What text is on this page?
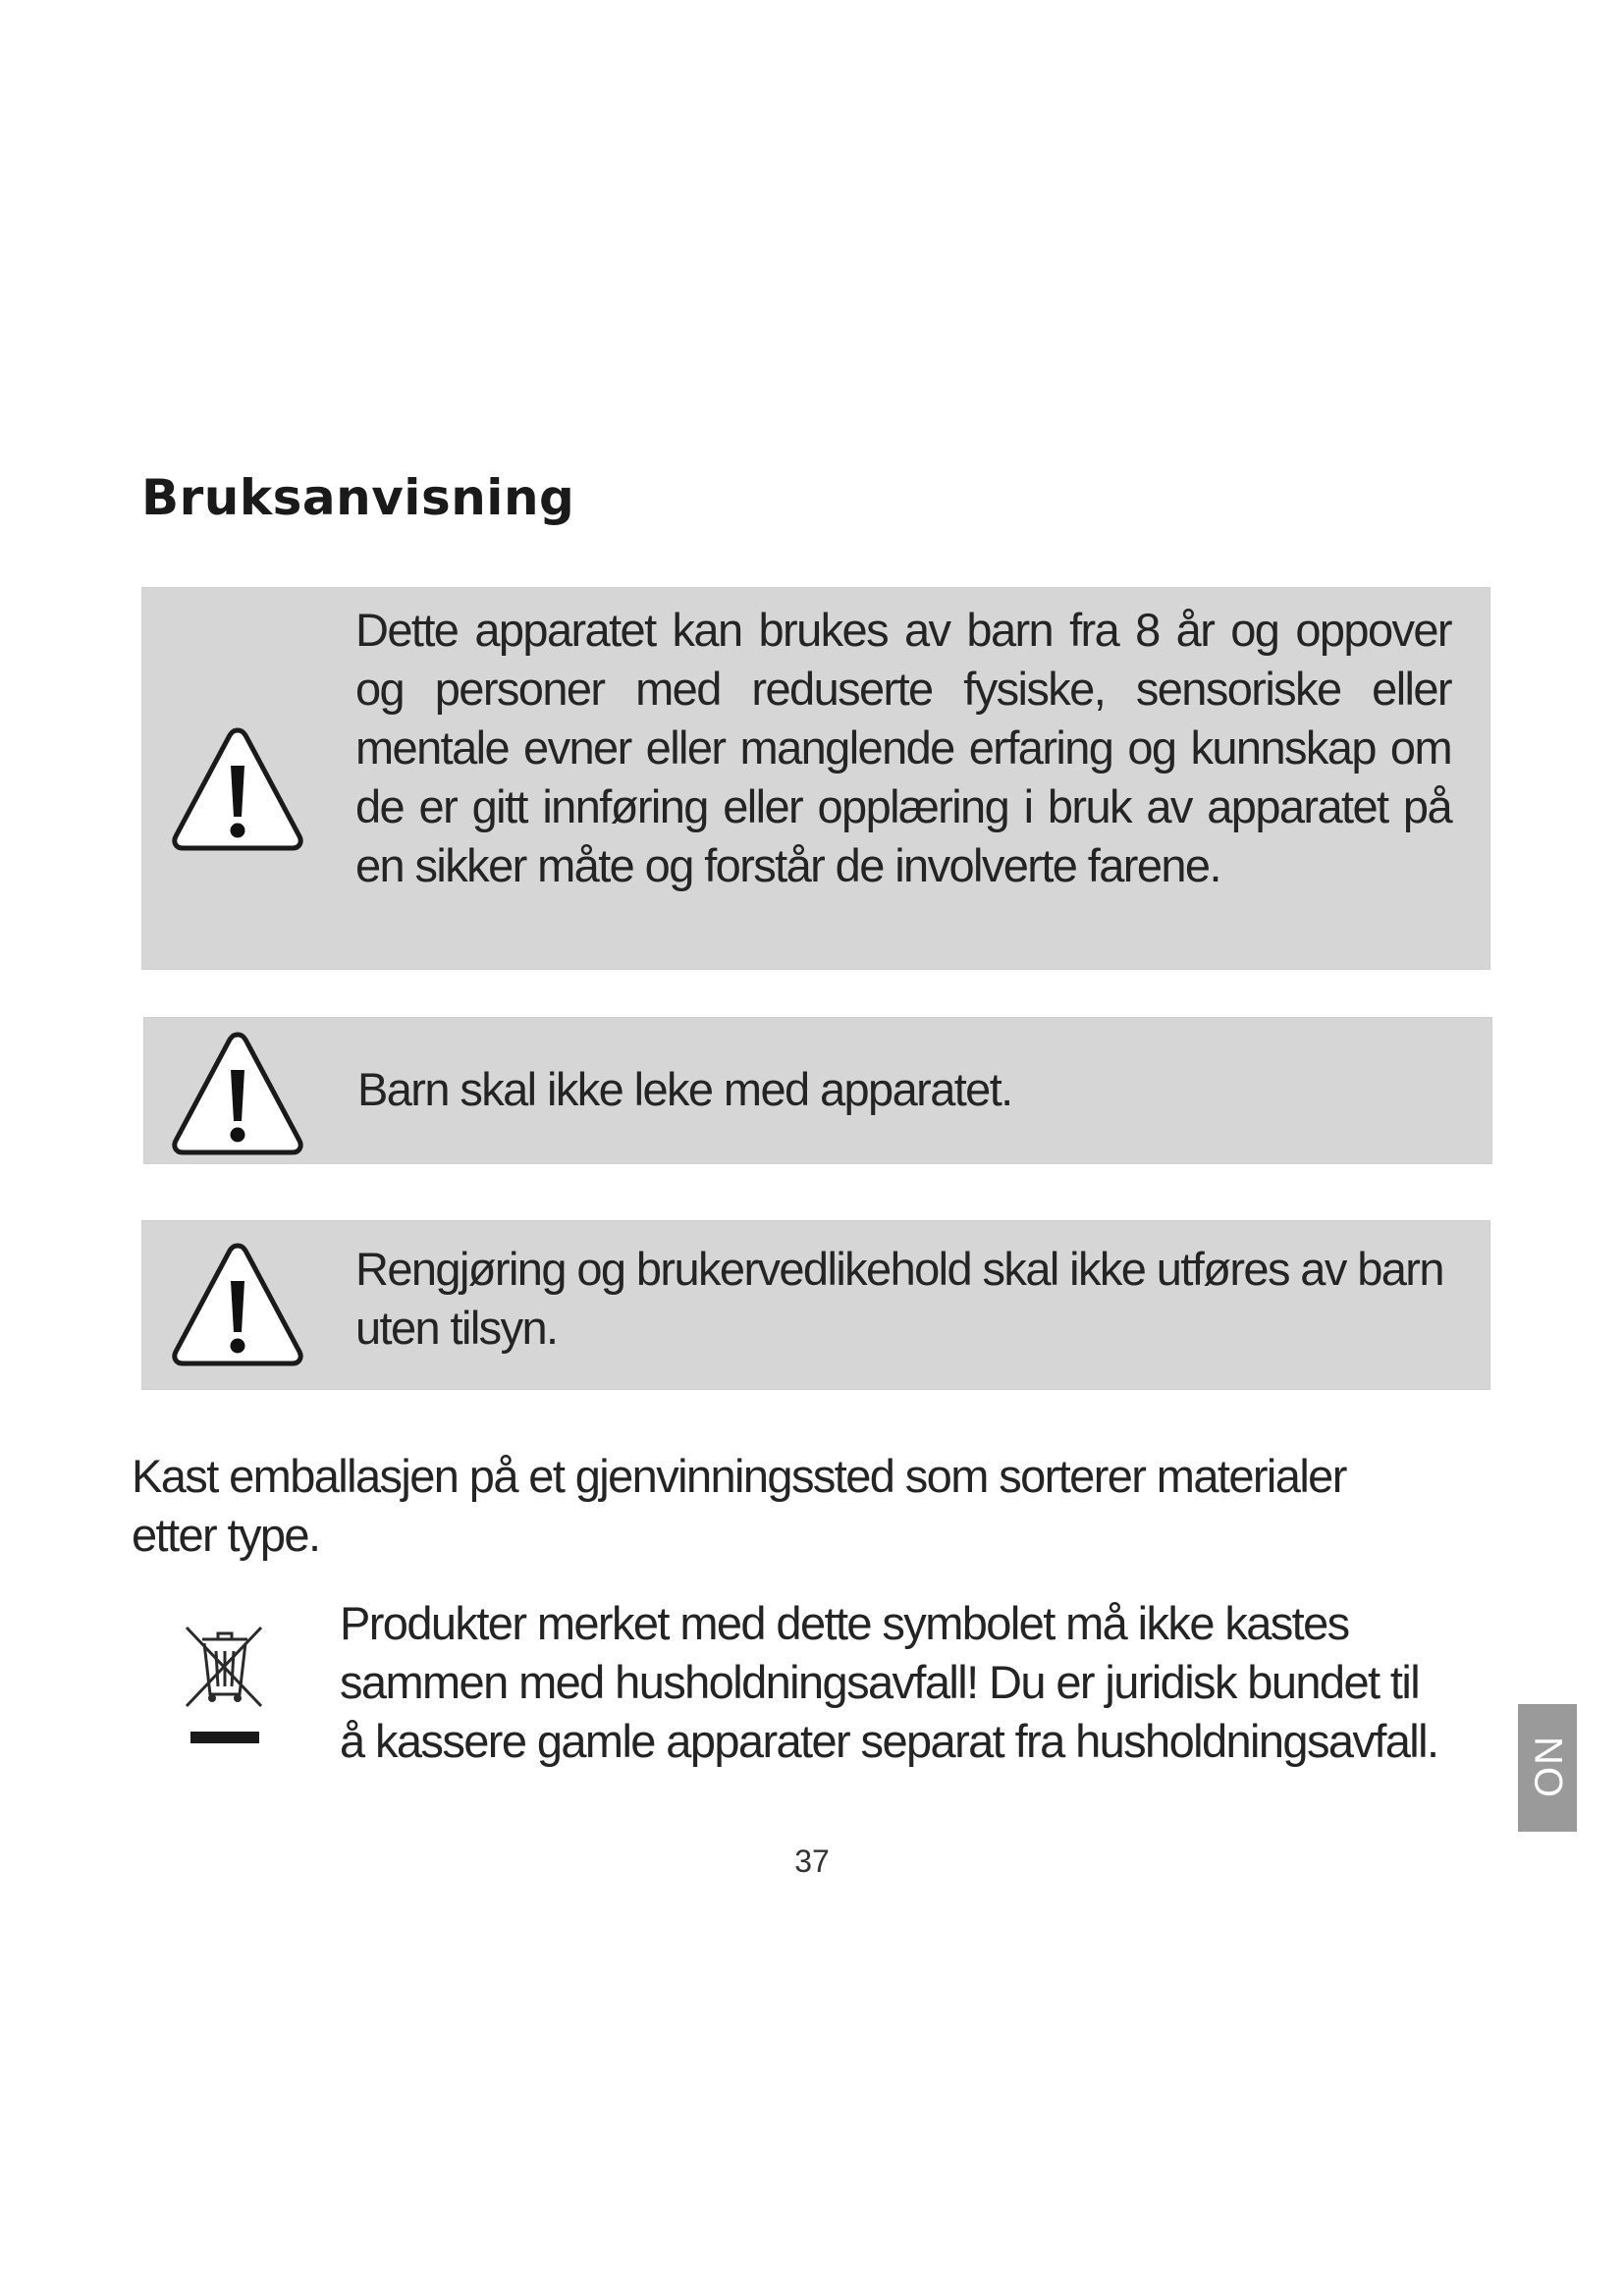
Bruksanvisning
Dette apparatet kan brukes av barn fra 8 år og oppover og personer med reduserte fysiske, sensoriske eller mentale evner eller manglende erfaring og kunnskap om de er gitt innføring eller opplæring i bruk av apparatet på en sikker måte og forstår de involverte farene.
Barn skal ikke leke med apparatet.
Rengjøring og brukervedlikehold skal ikke utføres av barn uten tilsyn.

Kast emballasjen på et gjenvinningssted som sorterer materialer etter type.

Produkter merket med dette symbolet må ikke kastes sammen med husholdningsavfall! Du er juridisk bundet til å kassere gamle apparater separat fra husholdningsavfall.

37
NO
